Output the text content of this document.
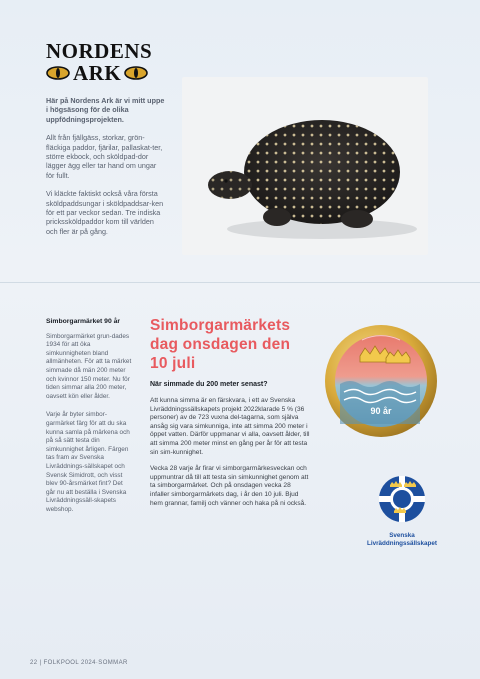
NORDENS
ARK

Här på Nordens Ark är vi mitt uppe i högsäsong för de olika uppfödningsprojekten.

Allt från fjällgäss, storkar, grön-fläckiga paddor, fjärilar, pallaskat-ter, större ekbock, och sköldpad-dor lägger ägg eller tar hand om ungar för fullt.

Vi kläckte faktiskt också våra första sköldpaddsungar i sköldpaddsar-ken för ett par veckor sedan. Tre indiska prickssköldpaddor kom till världen och fler är på gång.

Simborgarmärket 90 år

Simborgarmärket grun-dades 1934 för att öka simkunnigheten bland allmänheten. För att ta märket simmade då män 200 meter och kvinnor 150 meter. Nu för tiden simmar alla 200 meter, oavsett kön eller ålder.

Varje år byter simbor-garmärket färg för att du ska kunna samla på märkena och på så sätt testa din simkunnighet årligen. Färgen tas fram av Svenska Livräddnings-sällskapet och Svensk Simidrott, och visst blev 90-årsmärket fint? Det går nu att beställa i Svenska Livräddningssäll-skapets webshop.

Simborgarmärkets dag onsdagen den 10 juli
När simmade du 200 meter senast?

Att kunna simma är en färskvara, i ett av Svenska Livräddningssällskapets projekt 2022klarade 5 % (36 personer) av de 723 vuxna del-tagarna, som själva ansåg sig vara simkunniga, inte att simma 200 meter i öppet vatten. Därför uppmanar vi alla, oavsett ålder, till att simma 200 meter minst en gång per år för att testa sin sim-kunnighet.

Vecka 28 varje år firar vi simborgarmärkesveckan och uppmuntrar då till att testa sin simkunnighet genom att ta simborgarmärket. Och på onsdagen vecka 28 infaller simborgarmärkets dag, i år den 10 juli. Bjud hem grannar, familj och vänner och haka på ni också.

90 år
Svenska Livräddningssällskapet
22 | FOLKPOOL 2024·SOMMAR
